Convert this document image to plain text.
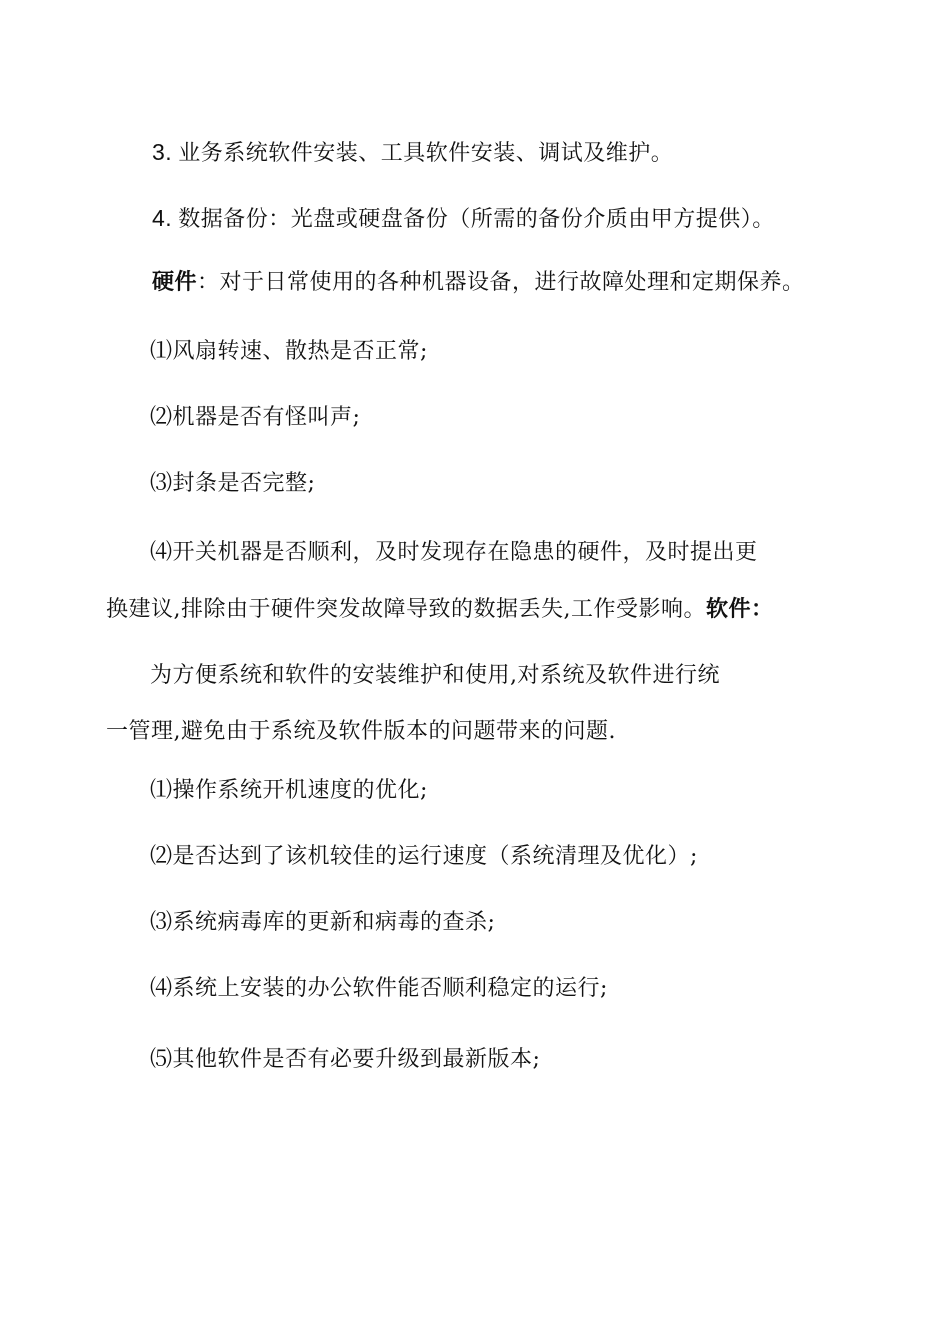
3. 业务系统软件安装、工具软件安装、调试及维护。
4. 数据备份：光盘或硬盘备份（所需的备份介质由甲方提供）。
硬件：对于日常使用的各种机器设备，进行故障处理和定期保养。
⑴风扇转速、散热是否正常;
⑵机器是否有怪叫声;
⑶封条是否完整;
⑷开关机器是否顺利，及时发现存在隐患的硬件，及时提出更
换建议,排除由于硬件突发故障导致的数据丢失,工作受影响。软件：
为方便系统和软件的安装维护和使用,对系统及软件进行统
一管理,避免由于系统及软件版本的问题带来的问题.
⑴操作系统开机速度的优化;
⑵是否达到了该机较佳的运行速度（系统清理及优化）;
⑶系统病毒库的更新和病毒的查杀;
⑷系统上安装的办公软件能否顺利稳定的运行;
⑸其他软件是否有必要升级到最新版本;
